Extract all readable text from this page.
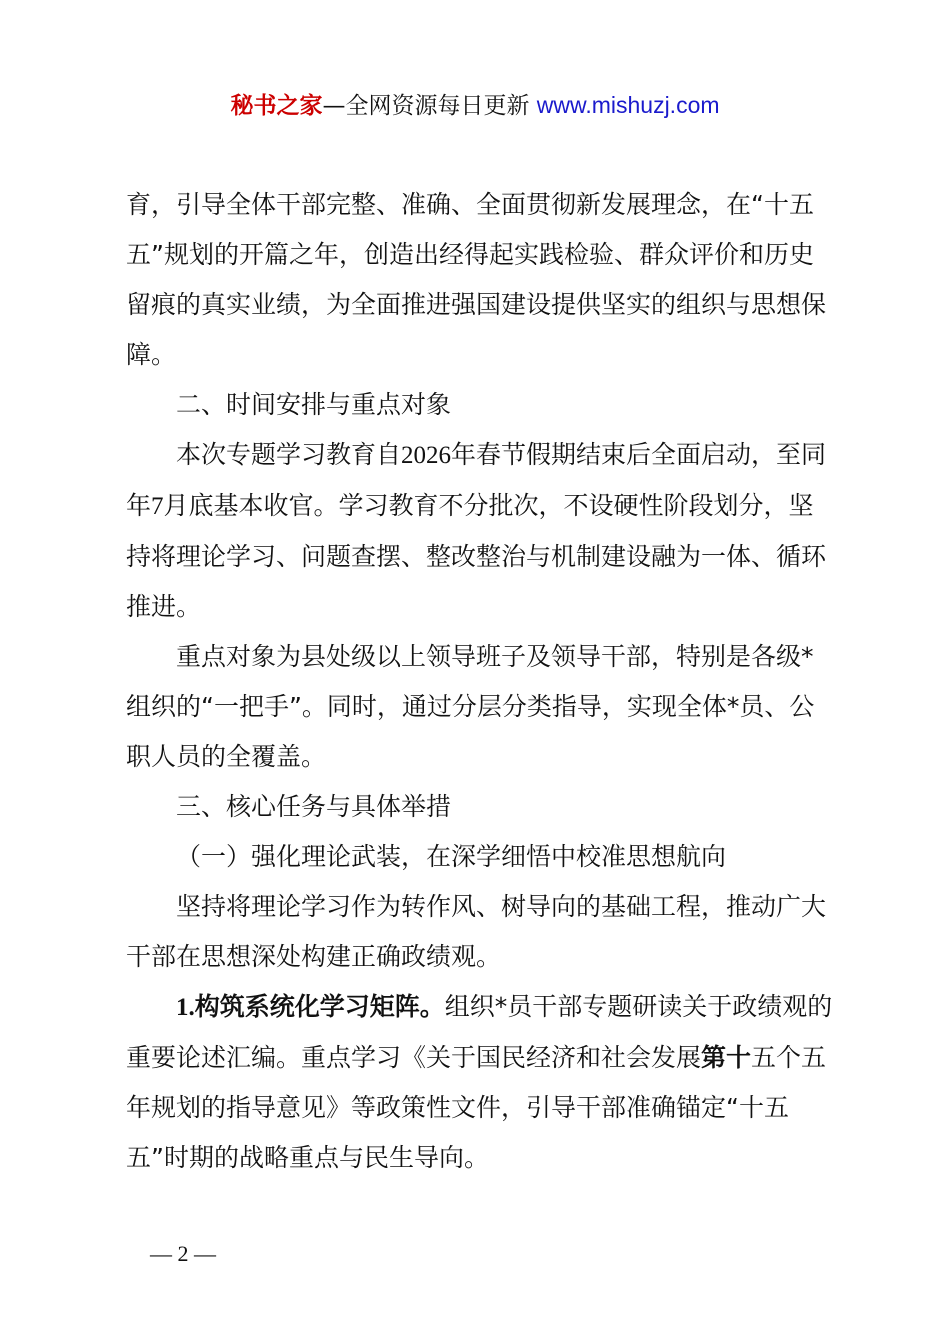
秘书之家—全网资源每日更新 www.mishuzj.com

育，引导全体干部完整、准确、全面贯彻新发展理念，在“十五五”规划的开篇之年，创造出经得起实践检验、群众评价和历史留痕的真实业绩，为全面推进强国建设提供坚实的组织与思想保障。

二、时间安排与重点对象

本次专题学习教育自2026年春节假期结束后全面启动，至同年7月底基本收官。学习教育不分批次，不设硬性阶段划分，坚持将理论学习、问题查摆、整改整治与机制建设融为一体、循环推进。

重点对象为县处级以上领导班子及领导干部，特别是各级*组织的“一把手”。同时，通过分层分类指导，实现全体*员、公职人员的全覆盖。

三、核心任务与具体举措

（一）强化理论武装，在深学细悟中校准思想航向

坚持将理论学习作为转作风、树导向的基础工程，推动广大干部在思想深处构建正确政绩观。

1.构筑系统化学习矩阵。组织*员干部专题研读关于政绩观的重要论述汇编。重点学习《关于国民经济和社会发展第十五个五年规划的指导意见》等政策性文件，引导干部准确锚定“十五五”时期的战略重点与民生导向。

— 2 —
